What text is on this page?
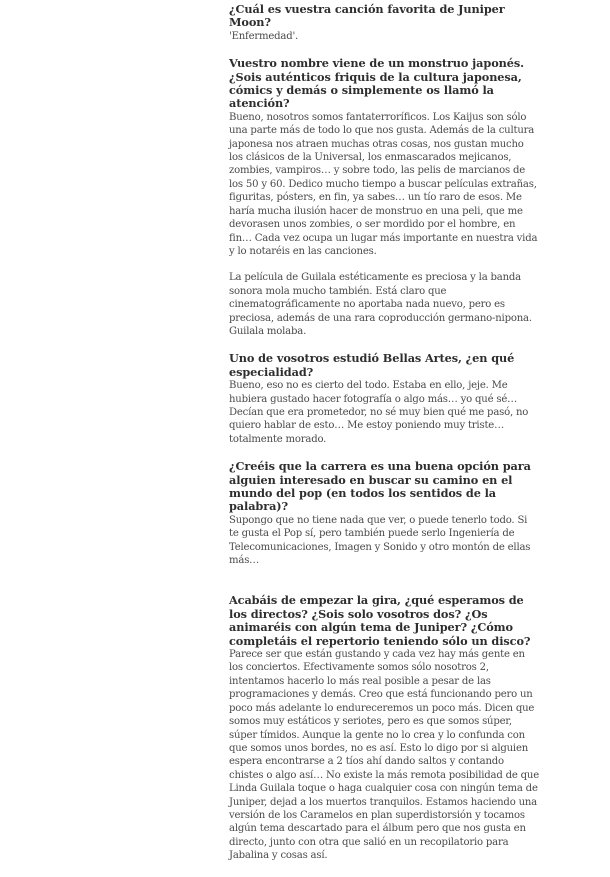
¿Cuál es vuestra canción favorita de Juniper Moon?

'Enfermedad'.

Vuestro nombre viene de un monstruo japonés. ¿Sois auténticos friquis de la cultura japonesa, cómics y demás o simplemente os llamó la atención?

Bueno, nosotros somos fantaterroríficos. Los Kaijus son sólo una parte más de todo lo que nos gusta. Además de la cultura japonesa nos atraen muchas otras cosas, nos gustan mucho los clásicos de la Universal, los enmascarados mejicanos, zombies, vampiros… y sobre todo, las pelis de marcianos de los 50 y 60. Dedico mucho tiempo a buscar películas extrañas, figuritas, pósters, en fin, ya sabes… un tío raro de esos. Me haría mucha ilusión hacer de monstruo en una peli, que me devorasen unos zombies, o ser mordido por el hombre, en fin… Cada vez ocupa un lugar más importante en nuestra vida y lo notaréis en las canciones.

La película de Guilala estéticamente es preciosa y la banda sonora mola mucho también. Está claro que cinematográficamente no aportaba nada nuevo, pero es preciosa, además de una rara coproducción germano-nipona. Guilala molaba.

Uno de vosotros estudió Bellas Artes, ¿en qué especialidad?

Bueno, eso no es cierto del todo. Estaba en ello, jeje. Me hubiera gustado hacer fotografía o algo más… yo qué sé… Decían que era prometedor, no sé muy bien qué me pasó, no quiero hablar de esto… Me estoy poniendo muy triste… totalmente morado.

¿Creéis que la carrera es una buena opción para alguien interesado en buscar su camino en el mundo del pop (en todos los sentidos de la palabra)?

Supongo que no tiene nada que ver, o puede tenerlo todo. Si te gusta el Pop sí, pero también puede serlo Ingeniería de Telecomunicaciones, Imagen y Sonido y otro montón de ellas más…

Acabáis de empezar la gira, ¿qué esperamos de los directos? ¿Sois solo vosotros dos? ¿Os animaréis con algún tema de Juniper? ¿Cómo completáis el repertorio teniendo sólo un disco?

Parece ser que están gustando y cada vez hay más gente en los conciertos. Efectivamente somos sólo nosotros 2, intentamos hacerlo lo más real posible a pesar de las programaciones y demás. Creo que está funcionando pero un poco más adelante lo endureceremos un poco más. Dicen que somos muy estáticos y seriotes, pero es que somos súper, súper tímidos. Aunque la gente no lo crea y lo confunda con que somos unos bordes, no es así. Esto lo digo por si alguien espera encontrarse a 2 tíos ahí dando saltos y contando chistes o algo así… No existe la más remota posibilidad de que Linda Guilala toque o haga cualquier cosa con ningún tema de Juniper, dejad a los muertos tranquilos. Estamos haciendo una versión de los Caramelos en plan superdistorsión y tocamos algún tema descartado para el álbum pero que nos gusta en directo, junto con otra que salió en un recopilatorio para Jabalina y cosas así.
